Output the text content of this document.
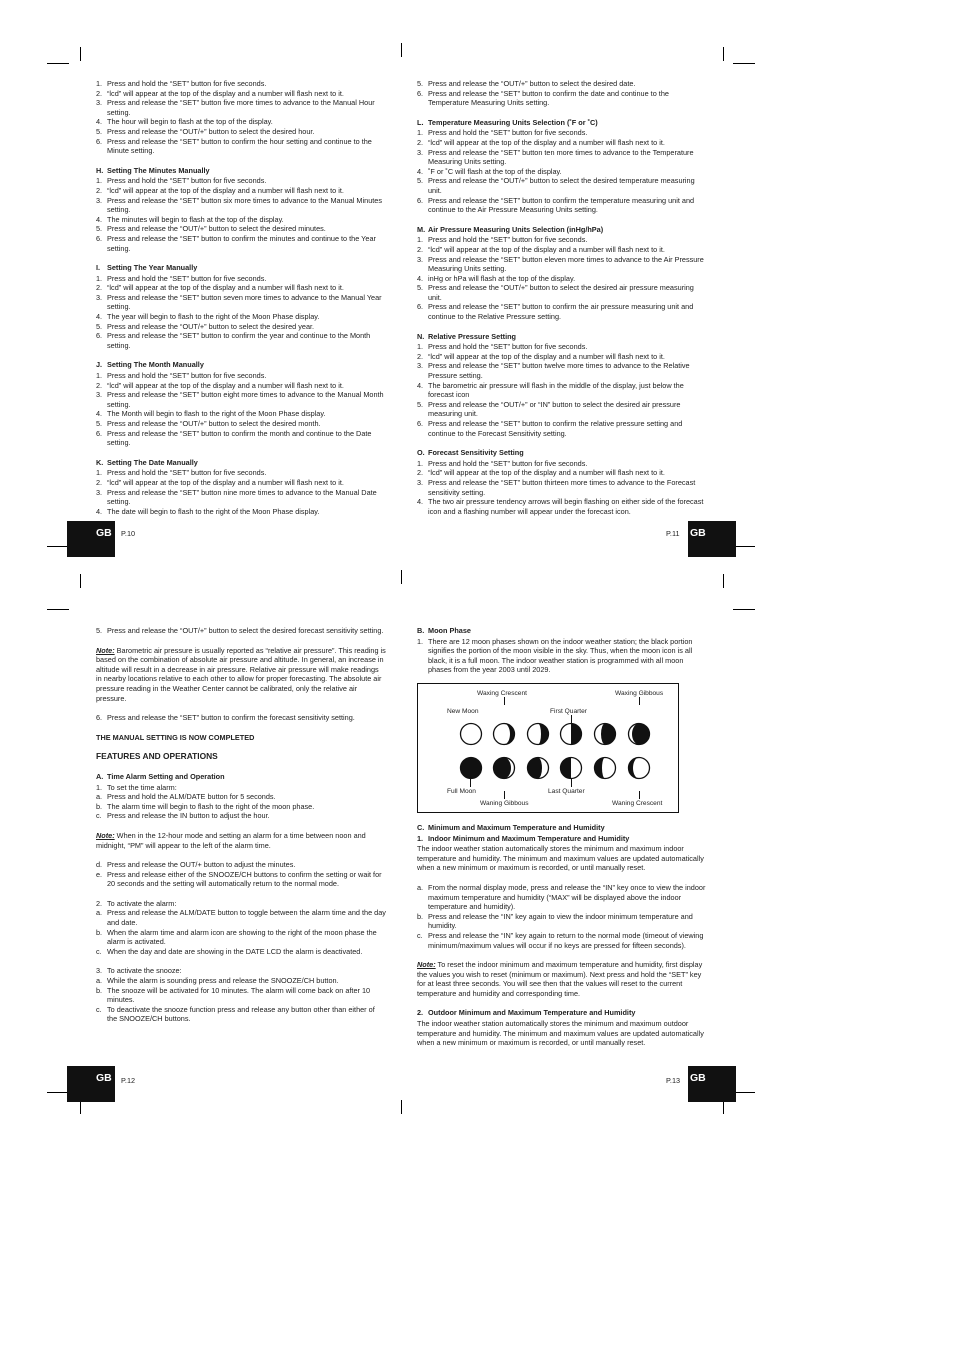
1. Press and hold the “SET” button for five seconds.
2. “lcd” will appear at the top of the display and a number will flash next to it.
3. Press and release the “SET” button five more times to advance to the Manual Hour setting.
4. The hour will begin to flash at the top of the display.
5. Press and release the “OUT/+” button to select the desired hour.
6. Press and release the “SET” button to confirm the hour setting and continue to the Minute setting.
H. Setting The Minutes Manually
1. Press and hold the “SET” button for five seconds.
2. “lcd” will appear at the top of the display and a number will flash next to it.
3. Press and release the “SET” button six more times to advance to the Manual Minutes setting.
4. The minutes will begin to flash at the top of the display.
5. Press and release the “OUT/+” button to select the desired minutes.
6. Press and release the “SET” button to confirm the minutes and continue to the Year setting.
I. Setting The Year Manually
1. Press and hold the “SET” button for five seconds.
2. “lcd” will appear at the top of the display and a number will flash next to it.
3. Press and release the “SET” button seven more times to advance to the Manual Year setting.
4. The year will begin to flash to the right of the Moon Phase display.
5. Press and release the “OUT/+” button to select the desired year.
6. Press and release the “SET” button to confirm the year and continue to the Month setting.
J. Setting The Month Manually
1. Press and hold the “SET” button for five seconds.
2. “lcd” will appear at the top of the display and a number will flash next to it.
3. Press and release the “SET” button eight more times to advance to the Manual Month setting.
4. The Month will begin to flash to the right of the Moon Phase display.
5. Press and release the “OUT/+” button to select the desired month.
6. Press and release the “SET” button to confirm the month and continue to the Date setting.
K. Setting The Date Manually
1. Press and hold the “SET” button for five seconds.
2. “lcd” will appear at the top of the display and a number will flash next to it.
3. Press and release the “SET” button nine more times to advance to the Manual Date setting.
4. The date will begin to flash to the right of the Moon Phase display.
GB P.10
5. Press and release the “OUT/+” button to select the desired date.
6. Press and release the “SET” button to confirm the date and continue to the Temperature Measuring Units setting.
L. Temperature Measuring Units Selection (˚F or ˚C)
1. Press and hold the “SET” button for five seconds.
2. “lcd” will appear at the top of the display and a number will flash next to it.
3. Press and release the “SET” button ten more times to advance to the Temperature Measuring Units setting.
4. ˚F or ˚C will flash at the top of the display.
5. Press and release the “OUT/+” button to select the desired temperature measuring unit.
6. Press and release the “SET” button to confirm the temperature measuring unit and continue to the Air Pressure Measuring Units setting.
M. Air Pressure Measuring Units Selection (inHg/hPa)
1. Press and hold the “SET” button for five seconds.
2. “lcd” will appear at the top of the display and a number will flash next to it.
3. Press and release the “SET” button eleven more times to advance to the Air Pressure Measuring Units setting.
4. inHg or hPa will flash at the top of the display.
5. Press and release the “OUT/+” button to select the desired air pressure measuring unit.
6. Press and release the “SET” button to confirm the air pressure measuring unit and continue to the Relative Pressure setting.
N. Relative Pressure Setting
1. Press and hold the “SET” button for five seconds.
2. “lcd” will appear at the top of the display and a number will flash next to it.
3. Press and release the “SET” button twelve more times to advance to the Relative Pressure setting.
4. The barometric air pressure will flash in the middle of the display, just below the forecast icon
5. Press and release the “OUT/+” or “IN” button to select the desired air pressure measuring unit.
6. Press and release the “SET” button to confirm the relative pressure setting and continue to the Forecast Sensitivity setting.
O. Forecast Sensitivity Setting
1. Press and hold the “SET” button for five seconds.
2. “lcd” will appear at the top of the display and a number will flash next to it.
3. Press and release the “SET” button thirteen more times to advance to the Forecast sensitivity setting.
4. The two air pressure tendency arrows will begin flashing on either side of the forecast icon and a flashing number will appear under the forecast icon.
GB
P.11
5. Press and release the “OUT/+” button to select the desired forecast sensitivity setting.
Note: Barometric air pressure is usually reported as “relative air pressure”. This reading is based on the combination of absolute air pressure and altitude. In general, an increase in altitude will result in a decrease in air pressure. Relative air pressure will make readings in nearby locations relative to each other to allow for proper forecasting. The absolute air pressure reading in the Weather Center cannot be calibrated, only the relative air pressure.
6. Press and release the “SET” button to confirm the forecast sensitivity setting.
THE MANUAL SETTING IS NOW COMPLETED
FEATURES AND OPERATIONS
A. Time Alarm Setting and Operation
1. To set the time alarm:
a. Press and hold the ALM/DATE button for 5 seconds.
b. The alarm time will begin to flash to the right of the moon phase.
c. Press and release the IN button to adjust the hour.
Note: When in the 12-hour mode and setting an alarm for a time between noon and midnight, “PM” will appear to the left of the alarm time.
d. Press and release the OUT/+ button to adjust the minutes.
e. Press and release either of the SNOOZE/CH buttons to confirm the setting or wait for 20 seconds and the setting will automatically return to the normal mode.
2. To activate the alarm:
a. Press and release the ALM/DATE button to toggle between the alarm time and the day and date.
b. When the alarm time and alarm icon are showing to the right of the moon phase the alarm is activated.
c. When the day and date are showing in the DATE LCD the alarm is deactivated.
3. To activate the snooze:
a. While the alarm is sounding press and release the SNOOZE/CH button.
b. The snooze will be activated for 10 minutes. The alarm will come back on after 10 minutes.
c. To deactivate the snooze function press and release any button other than either of the SNOOZE/CH buttons.
GB P.12
B. Moon Phase
1. There are 12 moon phases shown on the indoor weather station; the black portion signifies the portion of the moon visible in the sky. Thus, when the moon icon is all black, it is a full moon. The indoor weather station is programmed with all moon phases from the year 2003 until 2029.
Waxing Crescent	Waxing Gibbous
New Moon	First Quarter
Full Moon	Last Quarter
Waning Gibbous	Waning Crescent
C. Minimum and Maximum Temperature and Humidity
1. Indoor Minimum and Maximum Temperature and Humidity
The indoor weather station automatically stores the minimum and maximum indoor temperature and humidity. The minimum and maximum values are updated automatically when a new minimum or maximum is recorded, or until manually reset.
a. From the normal display mode, press and release the “IN” key once to view the indoor maximum temperature and humidity (“MAX” will be displayed above the indoor temperature and humidity).
b. Press and release the “IN” key again to view the indoor minimum temperature and humidity.
c. Press and release the “IN” key again to return to the normal mode (timeout of viewing minimum/maximum values will occur if no keys are pressed for fifteen seconds).
Note: To reset the indoor minimum and maximum temperature and humidity, first display the values you wish to reset (minimum or maximum). Next press and hold the “SET” key for at least three seconds. You will see then that the values will reset to the current temperature and humidity and corresponding time.
2. Outdoor Minimum and Maximum Temperature and Humidity
The indoor weather station automatically stores the minimum and maximum outdoor temperature and humidity. The minimum and maximum values are updated automatically when a new minimum or maximum is recorded, or until manually reset.
GB
P.13
